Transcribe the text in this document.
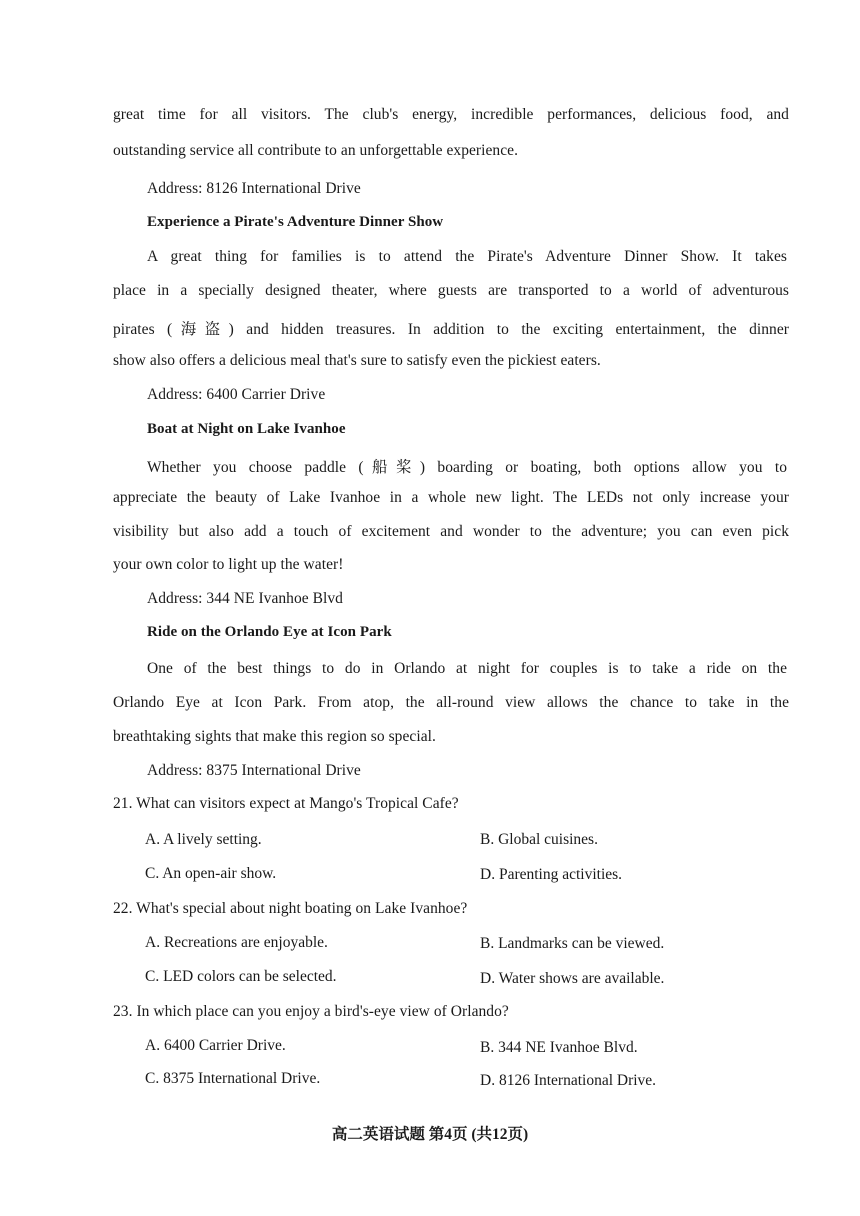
great time for all visitors. The club's energy, incredible performances, delicious food, and
outstanding service all contribute to an unforgettable experience.
Address: 8126 International Drive
Experience a Pirate's Adventure Dinner Show
A great thing for families is to attend the Pirate's Adventure Dinner Show. It takes
place in a specially designed theater, where guests are transported to a world of adventurous
pirates (海盗) and hidden treasures. In addition to the exciting entertainment, the dinner
show also offers a delicious meal that's sure to satisfy even the pickiest eaters.
Address: 6400 Carrier Drive
Boat at Night on Lake Ivanhoe
Whether you choose paddle (船桨) boarding or boating, both options allow you to
appreciate the beauty of Lake Ivanhoe in a whole new light. The LEDs not only increase your
visibility but also add a touch of excitement and wonder to the adventure; you can even pick
your own color to light up the water!
Address: 344 NE Ivanhoe Blvd
Ride on the Orlando Eye at Icon Park
One of the best things to do in Orlando at night for couples is to take a ride on the
Orlando Eye at Icon Park. From atop, the all-round view allows the chance to take in the
breathtaking sights that make this region so special.
Address: 8375 International Drive
21. What can visitors expect at Mango's Tropical Cafe?
A. A lively setting.	B. Global cuisines.
C. An open-air show.	D. Parenting activities.
22. What's special about night boating on Lake Ivanhoe?
A. Recreations are enjoyable.	B. Landmarks can be viewed.
C. LED colors can be selected.	D. Water shows are available.
23. In which place can you enjoy a bird's-eye view of Orlando?
A. 6400 Carrier Drive.	B. 344 NE Ivanhoe Blvd.
C. 8375 International Drive.	D. 8126 International Drive.
高二英语试题 第4页 (共12页)
